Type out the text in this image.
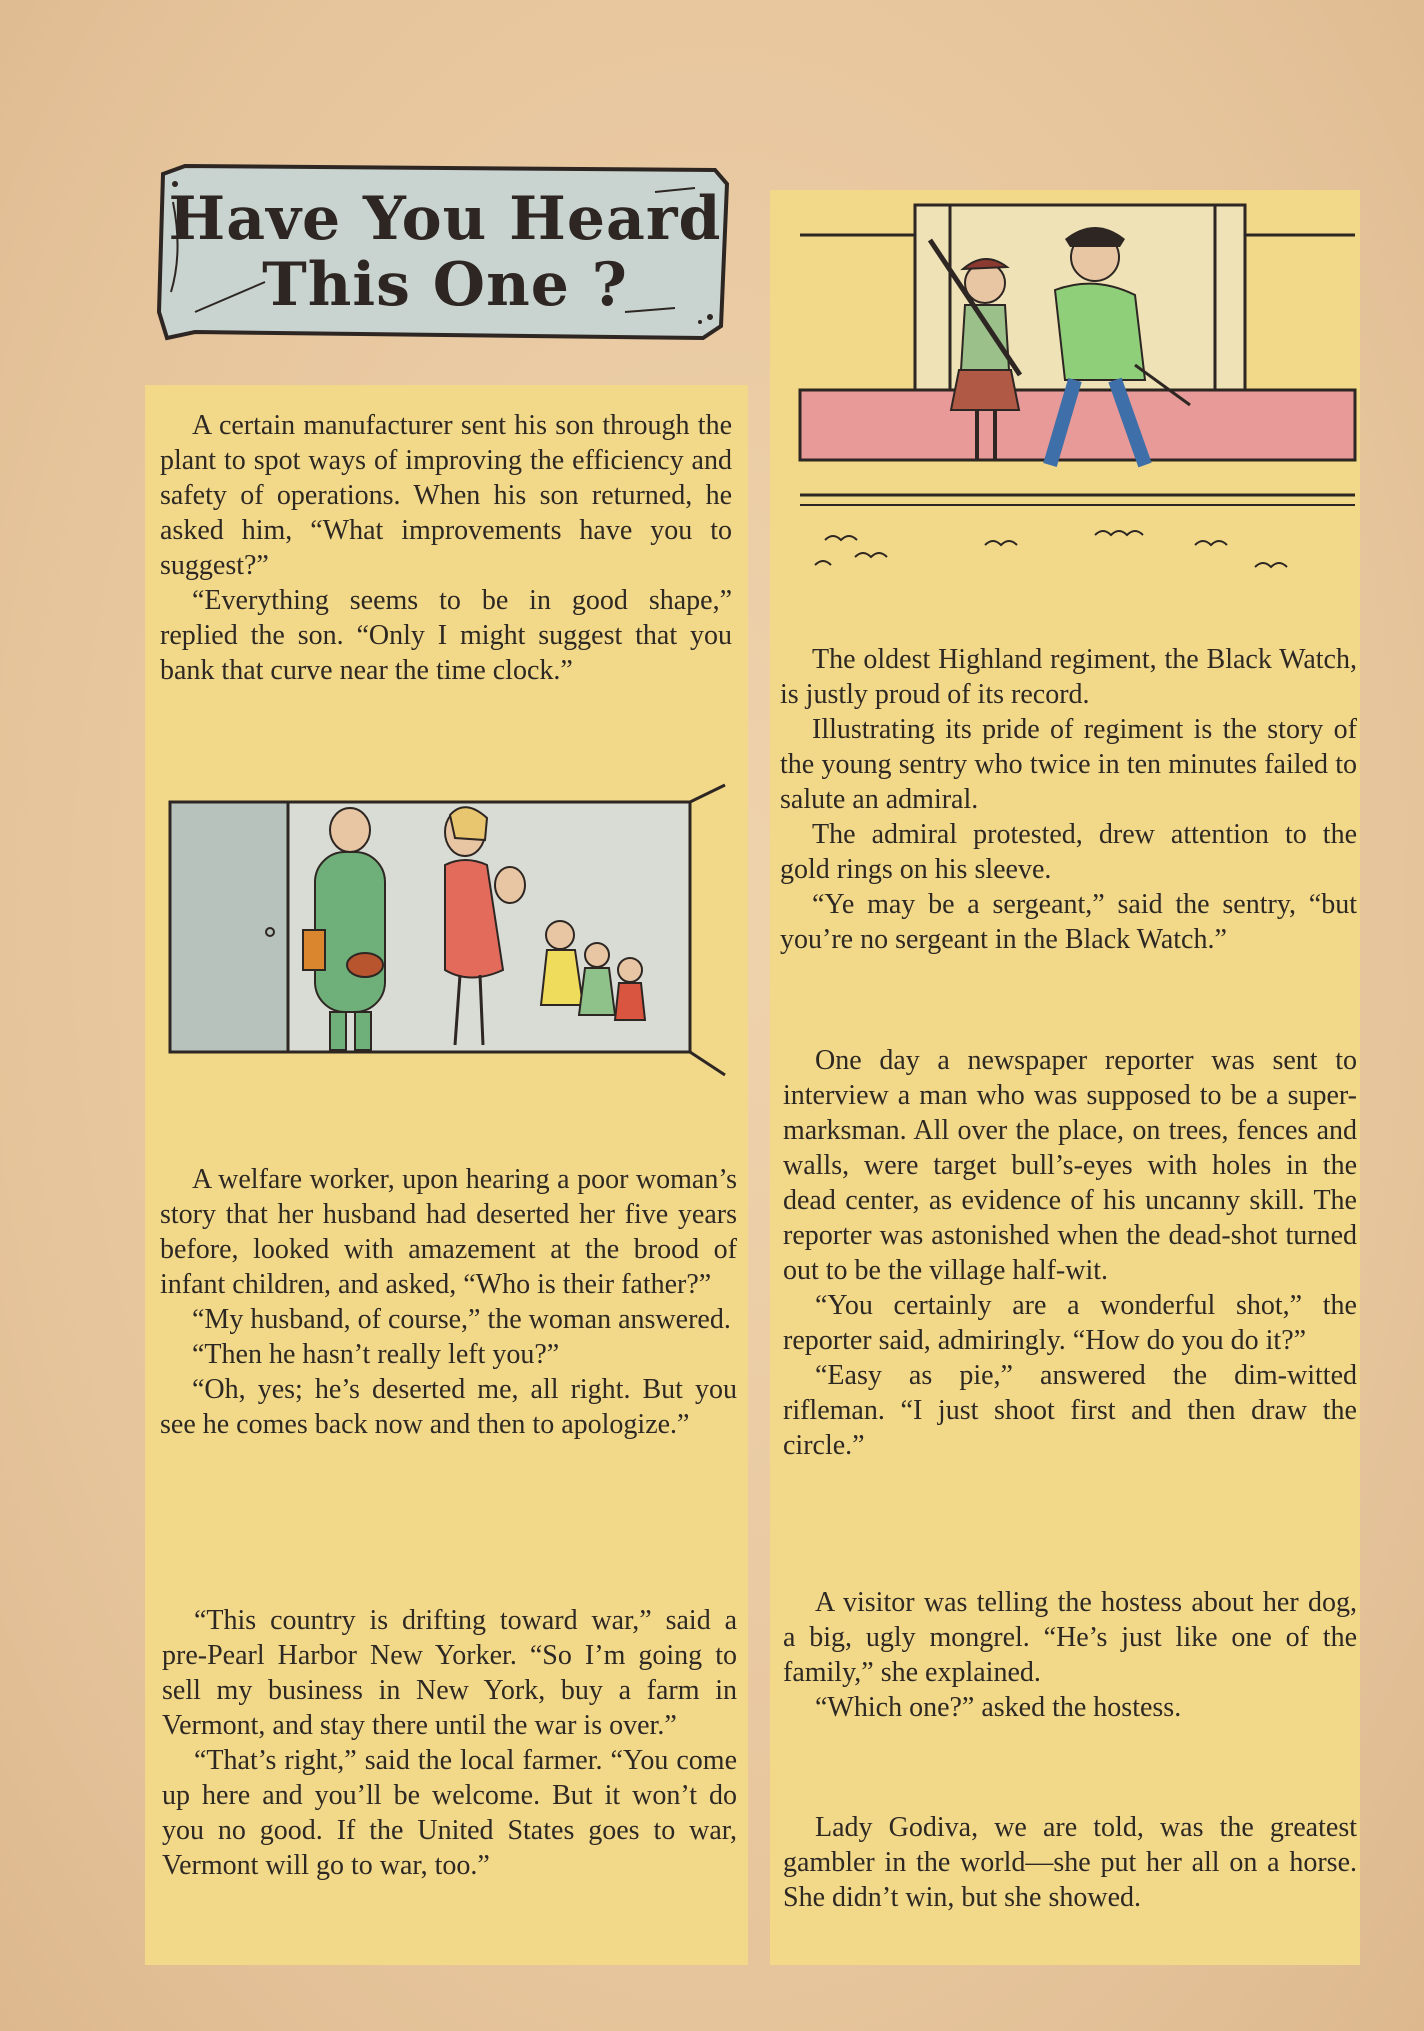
Have You Heard
This One ?

A certain manufacturer sent his son through the plant to spot ways of improving the efficiency and safety of operations. When his son returned, he asked him, “What improvements have you to suggest?”

“Everything seems to be in good shape,” replied the son. “Only I might suggest that you bank that curve near the time clock.”

A welfare worker, upon hearing a poor woman’s story that her husband had deserted her five years before, looked with amazement at the brood of infant children, and asked, “Who is their father?”

“My husband, of course,” the woman answered.

“Then he hasn’t really left you?”

“Oh, yes; he’s deserted me, all right. But you see he comes back now and then to apologize.”

“This country is drifting toward war,” said a pre-Pearl Harbor New Yorker. “So I’m going to sell my business in New York, buy a farm in Vermont, and stay there until the war is over.”

“That’s right,” said the local farmer. “You come up here and you’ll be welcome. But it won’t do you no good. If the United States goes to war, Vermont will go to war, too.”

The oldest Highland regiment, the Black Watch, is justly proud of its record.

Illustrating its pride of regiment is the story of the young sentry who twice in ten minutes failed to salute an admiral.

The admiral protested, drew attention to the gold rings on his sleeve.

“Ye may be a sergeant,” said the sentry, “but you’re no sergeant in the Black Watch.”

One day a newspaper reporter was sent to interview a man who was supposed to be a super-marksman. All over the place, on trees, fences and walls, were target bull’s-eyes with holes in the dead center, as evidence of his uncanny skill. The reporter was astonished when the dead-shot turned out to be the village half-wit.

“You certainly are a wonderful shot,” the reporter said, admiringly. “How do you do it?”

“Easy as pie,” answered the dim-witted rifleman. “I just shoot first and then draw the circle.”

A visitor was telling the hostess about her dog, a big, ugly mongrel. “He’s just like one of the family,” she explained.

“Which one?” asked the hostess.

Lady Godiva, we are told, was the greatest gambler in the world—she put her all on a horse. She didn’t win, but she showed.
